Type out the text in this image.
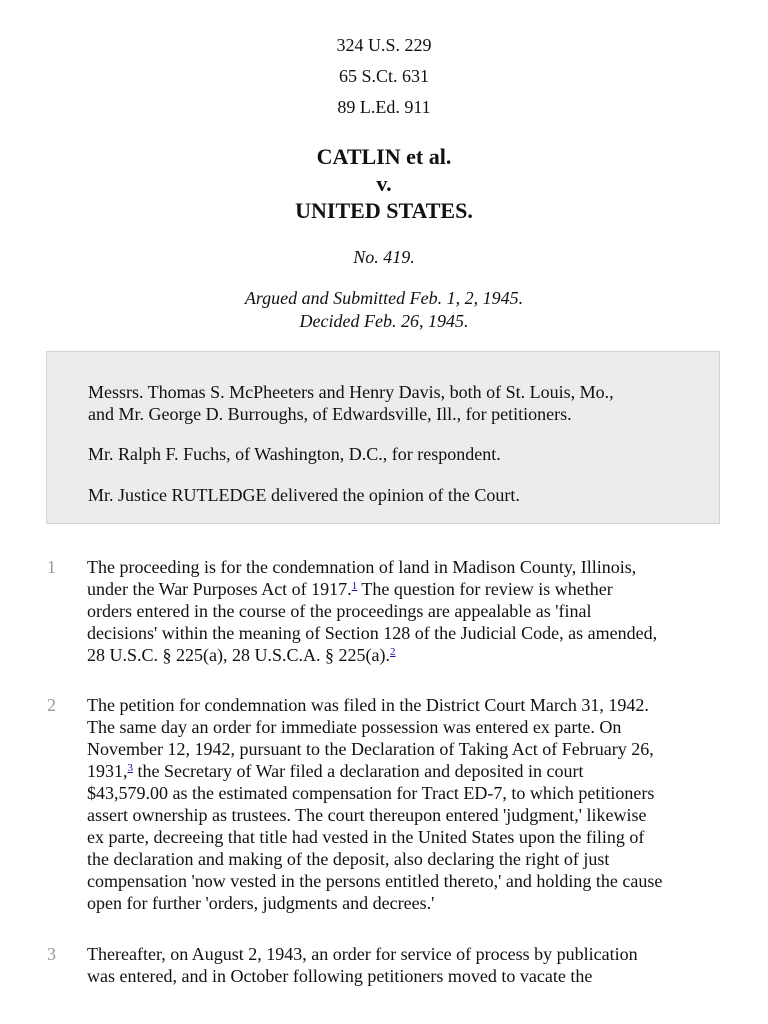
324 U.S. 229
65 S.Ct. 631
89 L.Ed. 911
CATLIN et al.
v.
UNITED STATES.
No. 419.
Argued and Submitted Feb. 1, 2, 1945.
Decided Feb. 26, 1945.
Messrs. Thomas S. McPheeters and Henry Davis, both of St. Louis, Mo.,
and Mr. George D. Burroughs, of Edwardsville, Ill., for petitioners.
Mr. Ralph F. Fuchs, of Washington, D.C., for respondent.
Mr. Justice RUTLEDGE delivered the opinion of the Court.
1 The proceeding is for the condemnation of land in Madison County, Illinois,
under the War Purposes Act of 1917.$^1$ The question for review is whether
orders entered in the course of the proceedings are appealable as 'final
decisions' within the meaning of Section 128 of the Judicial Code, as amended,
28 U.S.C. § 225(a), 28 U.S.C.A. § 225(a).$^2$
2 The petition for condemnation was filed in the District Court March 31, 1942.
The same day an order for immediate possession was entered ex parte. On
November 12, 1942, pursuant to the Declaration of Taking Act of February 26,
1931,$^3$ the Secretary of War filed a declaration and deposited in court
$43,579.00 as the estimated compensation for Tract ED-7, to which petitioners
assert ownership as trustees. The court thereupon entered 'judgment,' likewise
ex parte, decreeing that title had vested in the United States upon the filing of
the declaration and making of the deposit, also declaring the right of just
compensation 'now vested in the persons entitled thereto,' and holding the cause
open for further 'orders, judgments and decrees.'
3 Thereafter, on August 2, 1943, an order for service of process by publication
was entered, and in October following petitioners moved to vacate the
